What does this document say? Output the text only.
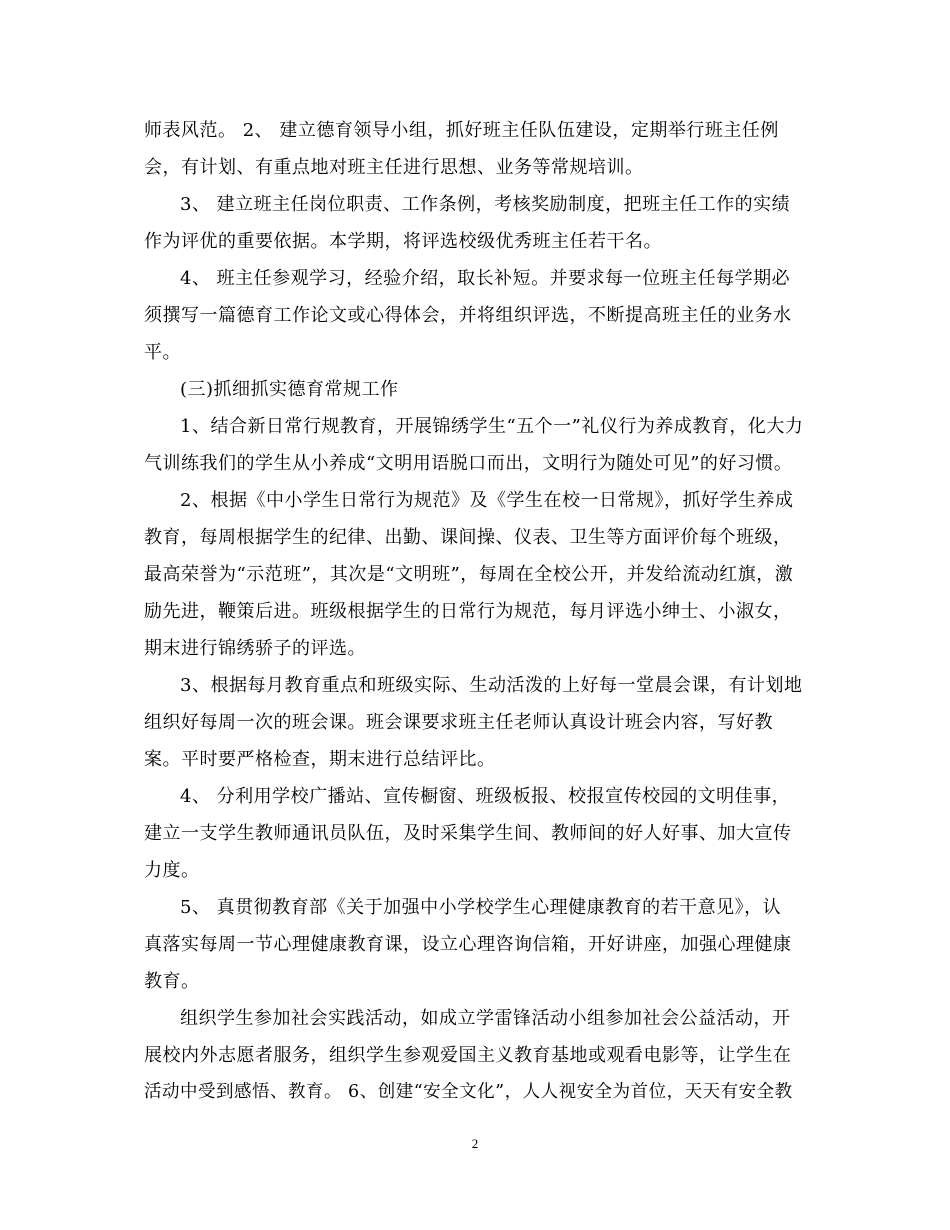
师表风范。 2、 建立德育领导小组，抓好班主任队伍建设，定期举行班主任例
会，有计划、有重点地对班主任进行思想、业务等常规培训。
3、 建立班主任岗位职责、工作条例，考核奖励制度，把班主任工作的实绩
作为评优的重要依据。本学期，将评选校级优秀班主任若干名。
4、 班主任参观学习，经验介绍，取长补短。并要求每一位班主任每学期必
须撰写一篇德育工作论文或心得体会，并将组织评选，不断提高班主任的业务水
平。
(三)抓细抓实德育常规工作
1、结合新日常行规教育，开展锦绣学生“五个一”礼仪行为养成教育，化大力
气训练我们的学生从小养成“文明用语脱口而出，文明行为随处可见”的好习惯。
2、根据《中小学生日常行为规范》及《学生在校一日常规》，抓好学生养成
教育，每周根据学生的纪律、出勤、课间操、仪表、卫生等方面评价每个班级，
最高荣誉为“示范班”，其次是“文明班”，每周在全校公开，并发给流动红旗，激
励先进，鞭策后进。班级根据学生的日常行为规范，每月评选小绅士、小淑女，
期末进行锦绣骄子的评选。
3、根据每月教育重点和班级实际、生动活泼的上好每一堂晨会课，有计划地
组织好每周一次的班会课。班会课要求班主任老师认真设计班会内容，写好教
案。平时要严格检查，期末进行总结评比。
4、 分利用学校广播站、宣传橱窗、班级板报、校报宣传校园的文明佳事，
建立一支学生教师通讯员队伍，及时采集学生间、教师间的好人好事、加大宣传
力度。
5、 真贯彻教育部《关于加强中小学校学生心理健康教育的若干意见》，认
真落实每周一节心理健康教育课，设立心理咨询信箱，开好讲座，加强心理健康
教育。
组织学生参加社会实践活动，如成立学雷锋活动小组参加社会公益活动，开
展校内外志愿者服务，组织学生参观爱国主义教育基地或观看电影等，让学生在
活动中受到感悟、教育。 6、创建“安全文化”，人人视安全为首位，天天有安全教
2
